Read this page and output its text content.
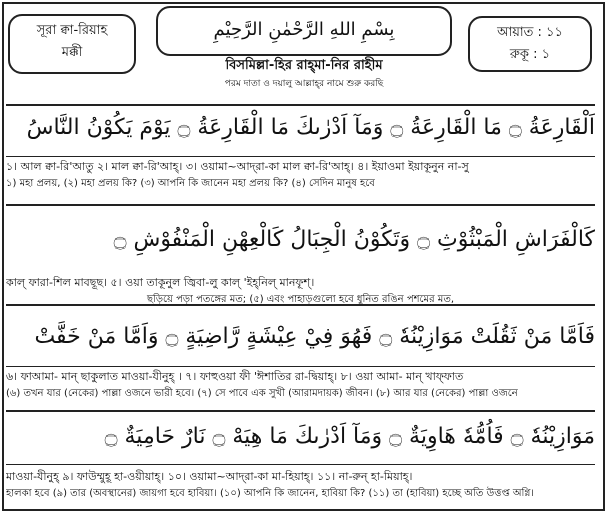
সূরা ক্বা-রিয়াহ
মক্কী
بِسْمِ اللهِ الرَّحْمٰنِ الرَّحِيْمِ
বিসমিল্লা-হির রাহ্‌মা-নির রাহীম
পরম দাতা ও দয়ালু আল্লাহ্‌র নামে শুরু করছি
আয়াত : ১১
রুকূ : ১
اَلْقَارِعَةُ ۝ مَا الْقَارِعَةُ ۝ وَمَآ اَدْرٰىكَ مَا الْقَارِعَةُ ۝ يَوْمَ يَكُوْنُ النَّاسُ
১। আল ক্বা-রি'আতু ২। মাল ক্বা-রি'আহ্‌। ৩। ওয়ামা~আদ্‌রা-কা মাল ক্বা-রি'আহ্‌। ৪। ইয়াওমা ইয়াকূনুন না-সু
১) মহা প্রলয়, (২) মহা প্রলয় কি? (৩) আপনি কি জানেন মহা প্রলয় কি? (৪) সেদিন মানুষ হবে
كَالْفَرَاشِ الْمَبْثُوْثِ ۝ وَتَكُوْنُ الْجِبَالُ كَالْعِهْنِ الْمَنْفُوْشِ ۝
কাল্‌ ফারা-শিল মাবছূছ। ৫। ওয়া তাকূনুল জ্বিবা-লু কাল্‌ 'ইহ্‌নিল্‌ মানফূশ্‌।
ছড়িয়ে পড়া পতঙ্গের মত; (৫) এবং পাহাড়গুলো হবে ধুনিত রঙিন পশমের মত,
فَاَمَّا مَنْ ثَقُلَتْ مَوَازِيْنُهٗ ۝ فَهُوَ فِيْ عِيْشَةٍ رَّاضِيَةٍ ۝ وَاَمَّا مَنْ خَفَّتْ
৬। ফাআমা- মান্‌ ছাকুলাত মাওয়া-যীনুহ্‌ । ৭। ফাহুওয়া ফী 'ঈশাতির রা-দ্বিয়াহ্‌। ৮। ওয়া আমা- মান্‌ খাফ্‌ফাত
(৬) তখন যার (নেকের) পাল্লা ওজনে ভারী হবে। (৭) সে পাবে এক সুখী (আরামদায়ক) জীবন। (৮) আর যার (নেকের) পাল্লা ওজনে
مَوَازِيْنُهٗ ۝ فَاُمُّهٗ هَاوِيَةٌ ۝ وَمَآ اَدْرٰىكَ مَا هِيَهْ ۝ نَارٌ حَامِيَةٌ ۝
মাওয়া-যীনুহ্‌ ৯। ফাউম্মুহূ হা-ওয়ীয়াহ্‌। ১০। ওয়ামা~আদ্‌রা-কা মা-হিয়াহ্‌। ১১। না-রুন্‌ হা-মিয়াহ্‌।
হালকা হবে (৯) তার (অবস্থানের) জায়গা হবে হাবিয়া। (১০) আপনি কি জানেন, হাবিয়া কি? (১১) তা (হাবিয়া) হচ্ছে অতি উত্তপ্ত অগ্নি।
